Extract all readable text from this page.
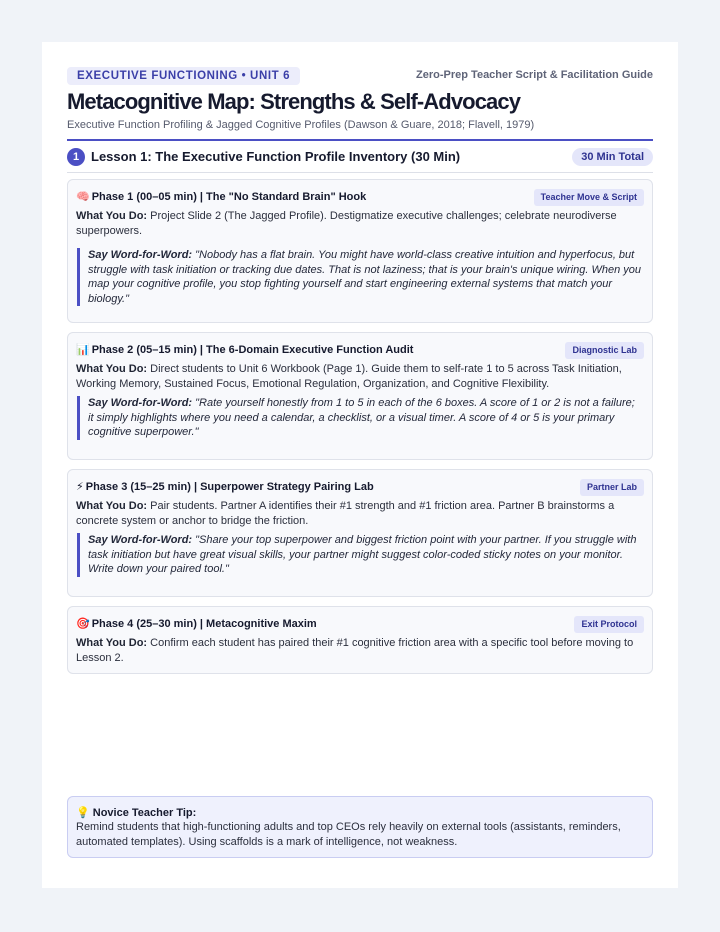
EXECUTIVE FUNCTIONING • UNIT 6	Zero-Prep Teacher Script & Facilitation Guide
Metacognitive Map: Strengths & Self-Advocacy
Executive Function Profiling & Jagged Cognitive Profiles (Dawson & Guare, 2018; Flavell, 1979)
1 Lesson 1: The Executive Function Profile Inventory (30 Min)	30 Min Total
🧠 Phase 1 (00–05 min) | The "No Standard Brain" Hook	Teacher Move & Script
What You Do: Project Slide 2 (The Jagged Profile). Destigmatize executive challenges; celebrate neurodiverse superpowers.
Say Word-for-Word: "Nobody has a flat brain. You might have world-class creative intuition and hyperfocus, but struggle with task initiation or tracking due dates. That is not laziness; that is your brain's unique wiring. When you map your cognitive profile, you stop fighting yourself and start engineering external systems that match your biology."
📊 Phase 2 (05–15 min) | The 6-Domain Executive Function Audit	Diagnostic Lab
What You Do: Direct students to Unit 6 Workbook (Page 1). Guide them to self-rate 1 to 5 across Task Initiation, Working Memory, Sustained Focus, Emotional Regulation, Organization, and Cognitive Flexibility.
Say Word-for-Word: "Rate yourself honestly from 1 to 5 in each of the 6 boxes. A score of 1 or 2 is not a failure; it simply highlights where you need a calendar, a checklist, or a visual timer. A score of 4 or 5 is your primary cognitive superpower."
⚡ Phase 3 (15–25 min) | Superpower Strategy Pairing Lab	Partner Lab
What You Do: Pair students. Partner A identifies their #1 strength and #1 friction area. Partner B brainstorms a concrete system or anchor to bridge the friction.
Say Word-for-Word: "Share your top superpower and biggest friction point with your partner. If you struggle with task initiation but have great visual skills, your partner might suggest color-coded sticky notes on your monitor. Write down your paired tool."
🎯 Phase 4 (25–30 min) | Metacognitive Maxim	Exit Protocol
What You Do: Confirm each student has paired their #1 cognitive friction area with a specific tool before moving to Lesson 2.
💡 Novice Teacher Tip:
Remind students that high-functioning adults and top CEOs rely heavily on external tools (assistants, reminders, automated templates). Using scaffolds is a mark of intelligence, not weakness.
